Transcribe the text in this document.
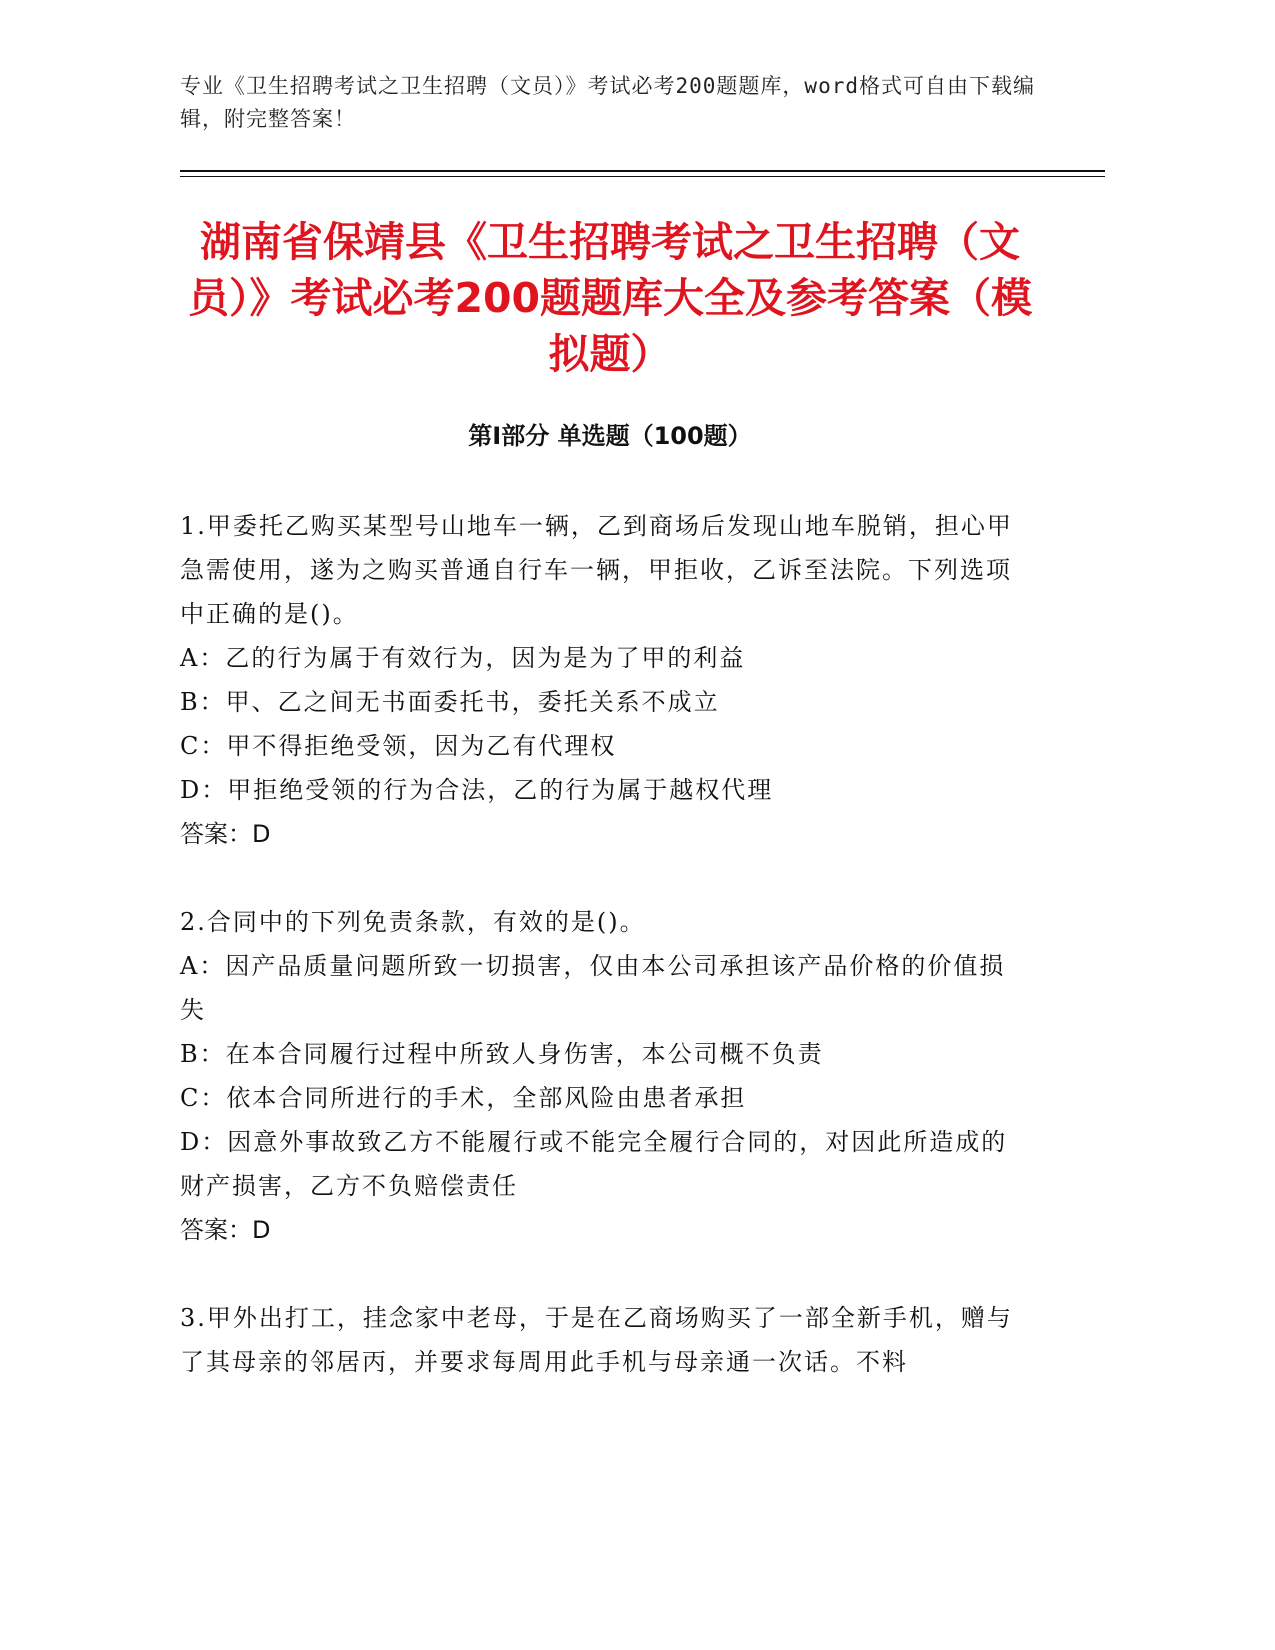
专业《卫生招聘考试之卫生招聘（文员）》考试必考200题题库，word格式可自由下载编辑，附完整答案！
湖南省保靖县《卫生招聘考试之卫生招聘（文员）》考试必考200题题库大全及参考答案（模拟题）
第Ⅰ部分 单选题（100题）

1.甲委托乙购买某型号山地车一辆，乙到商场后发现山地车脱销，担心甲急需使用，遂为之购买普通自行车一辆，甲拒收，乙诉至法院。下列选项中正确的是()。

A：乙的行为属于有效行为，因为是为了甲的利益

B：甲、乙之间无书面委托书，委托关系不成立

C：甲不得拒绝受领，因为乙有代理权

D：甲拒绝受领的行为合法，乙的行为属于越权代理

答案：D

2.合同中的下列免责条款，有效的是()。

A：因产品质量问题所致一切损害，仅由本公司承担该产品价格的价值损失

B：在本合同履行过程中所致人身伤害，本公司概不负责

C：依本合同所进行的手术，全部风险由患者承担

D：因意外事故致乙方不能履行或不能完全履行合同的，对因此所造成的财产损害，乙方不负赔偿责任

答案：D

3.甲外出打工，挂念家中老母，于是在乙商场购买了一部全新手机，赠与了其母亲的邻居丙，并要求每周用此手机与母亲通一次话。不料
